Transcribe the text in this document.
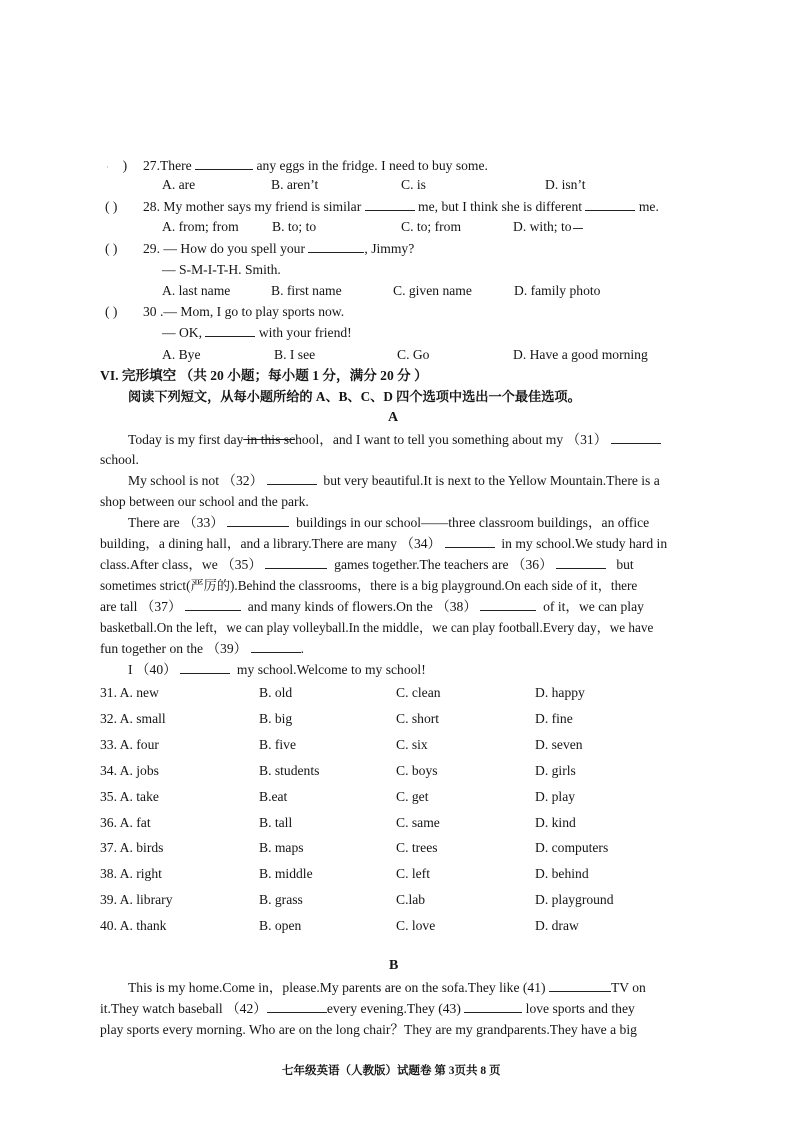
· ) 27.There	any eggs in the fridge. I need to buy some.
A. are	B. aren’t	C. is	D. isn’t
( ) 28. My mother says my friend is similar	me, but I think she is different	me.
A. from; from B. to; to	C. to; from	D. with; to
( ) 29. — How do you spell your	, Jimmy?
— S-M-I-T-H. Smith.
A. last name	B. first name	C. given name	D. family photo
( ) 30 .— Mom, I go to play sports now.
— OK,	with your friend!
A. Bye	B. I see	C. Go	D. Have a good morning
VI. 完形填空 （共 20 小题；每小题 1 分，满分 20 分 ）
阅读下列短文，从每小题所给的 A、B、C、D 四个选项中选出一个最佳选项。
A
Today is my first day in this school，and I want to tell you something about my （31）
school.
My school is not （32）	but very beautiful.It is next to the Yellow Mountain.There is a
shop between our school and the park.
There are （33）	buildings in our school——three classroom buildings，an office
building，a dining hall，and a library.There are many （34）	in my school.We study hard in
class.After class，we （35）	games together.The teachers are （36）	but
sometimes strict(严厉的).Behind the classrooms，there is a big playground.On each side of it，there
are tall （37）	and many kinds of flowers.On the （38）	of it，we can play
basketball.On the left，we can play volleyball.In the middle，we can play football.Every day，we have
fun together on the （39）	.
I （40）	my school.Welcome to my school!
31. A. new	B. old	C. clean	D. happy
32. A. small	B. big	C. short	D. fine
33. A. four	B. five	C. six	D. seven
34. A. jobs	B. students	C. boys	D. girls
35. A. take	B.eat	C. get	D. play
36. A. fat	B. tall	C. same	D. kind
37. A. birds	B. maps	C. trees	D. computers
38. A. right	B. middle	C. left	D. behind
39. A. library	B. grass	C.lab	D. playground
40. A. thank	B. open	C. love	D. draw
B
This is my home.Come in，please.My parents are on the sofa.They like (41)	TV on
it.They watch baseball （42）	every evening.They (43)	love sports and they
play sports every morning. Who are on the long chair？They are my grandparents.They have a big
七年级英语（人教版）试题卷 第 3页共 8 页
